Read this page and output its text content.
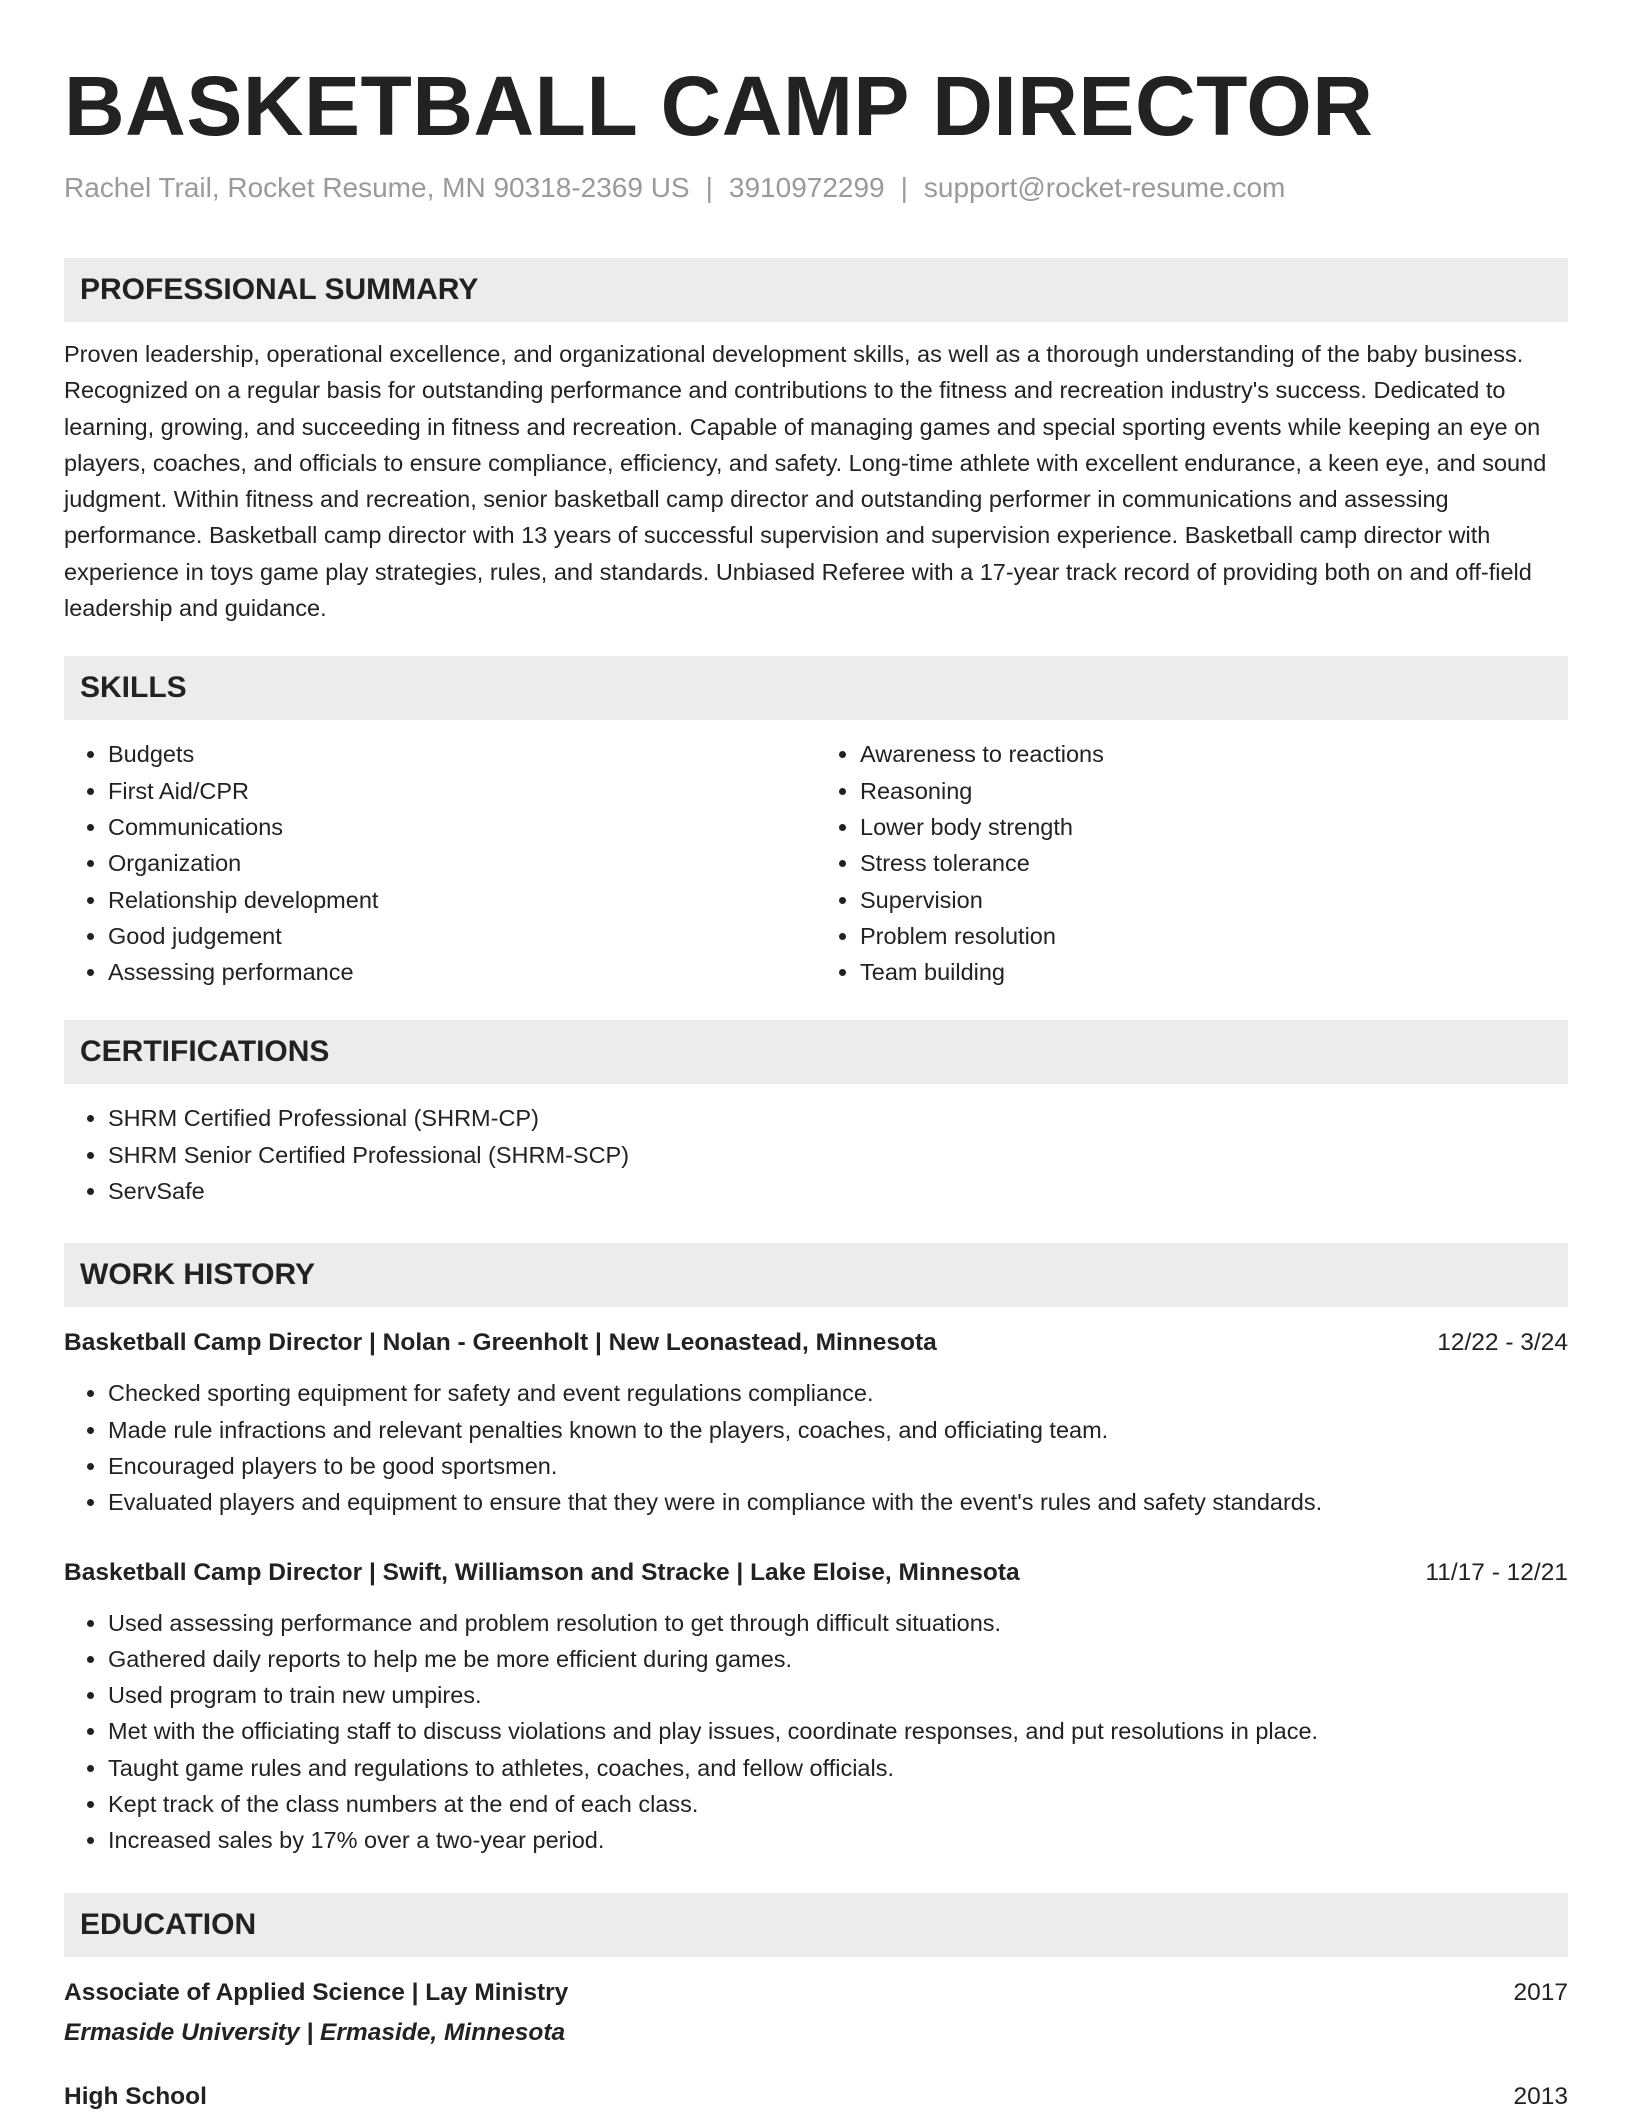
BASKETBALL CAMP DIRECTOR
Rachel Trail, Rocket Resume, MN 90318-2369 US | 3910972299 | support@rocket-resume.com
PROFESSIONAL SUMMARY
Proven leadership, operational excellence, and organizational development skills, as well as a thorough understanding of the baby business. Recognized on a regular basis for outstanding performance and contributions to the fitness and recreation industry's success. Dedicated to learning, growing, and succeeding in fitness and recreation. Capable of managing games and special sporting events while keeping an eye on players, coaches, and officials to ensure compliance, efficiency, and safety. Long-time athlete with excellent endurance, a keen eye, and sound judgment. Within fitness and recreation, senior basketball camp director and outstanding performer in communications and assessing performance. Basketball camp director with 13 years of successful supervision and supervision experience. Basketball camp director with experience in toys game play strategies, rules, and standards. Unbiased Referee with a 17-year track record of providing both on and off-field leadership and guidance.
SKILLS
• Budgets
• First Aid/CPR
• Communications
• Organization
• Relationship development
• Good judgement
• Assessing performance
• Awareness to reactions
• Reasoning
• Lower body strength
• Stress tolerance
• Supervision
• Problem resolution
• Team building
CERTIFICATIONS
• SHRM Certified Professional (SHRM-CP)
• SHRM Senior Certified Professional (SHRM-SCP)
• ServSafe
WORK HISTORY
Basketball Camp Director | Nolan - Greenholt | New Leonastead, Minnesota	12/22 - 3/24
• Checked sporting equipment for safety and event regulations compliance.
• Made rule infractions and relevant penalties known to the players, coaches, and officiating team.
• Encouraged players to be good sportsmen.
• Evaluated players and equipment to ensure that they were in compliance with the event's rules and safety standards.
Basketball Camp Director | Swift, Williamson and Stracke | Lake Eloise, Minnesota	11/17 - 12/21
• Used assessing performance and problem resolution to get through difficult situations.
• Gathered daily reports to help me be more efficient during games.
• Used program to train new umpires.
• Met with the officiating staff to discuss violations and play issues, coordinate responses, and put resolutions in place.
• Taught game rules and regulations to athletes, coaches, and fellow officials.
• Kept track of the class numbers at the end of each class.
• Increased sales by 17% over a two-year period.
EDUCATION
Associate of Applied Science | Lay Ministry	2017
Ermaside University | Ermaside, Minnesota
High School	2013
